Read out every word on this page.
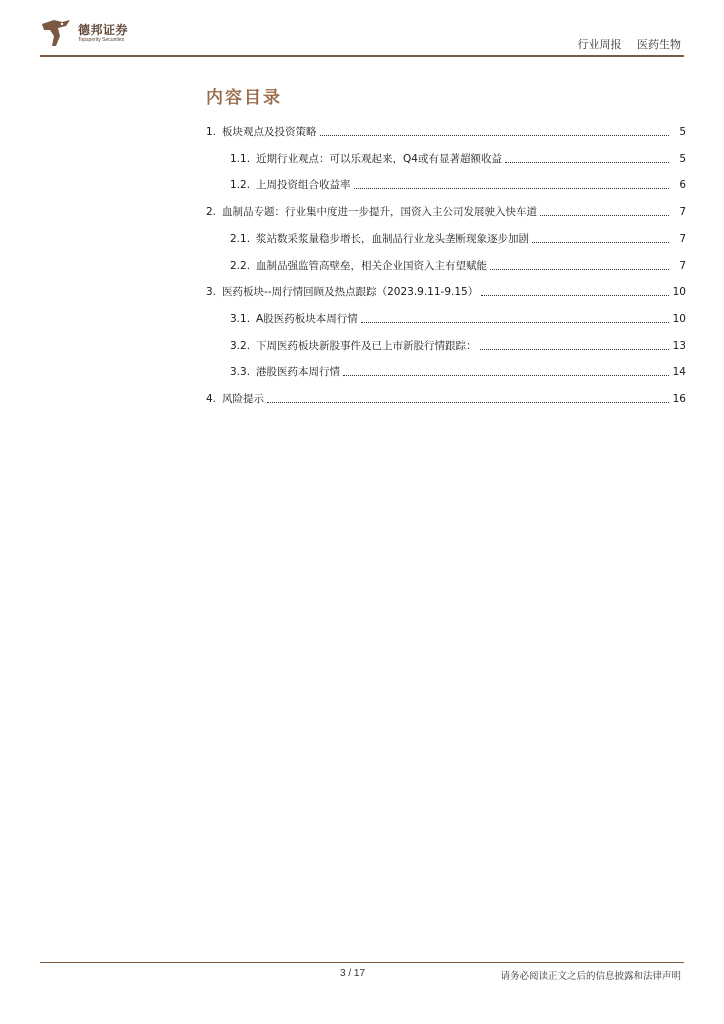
德邦证券
Topsperity Securities	行业周报 医药生物
内容目录
1. 板块观点及投资策略	5
1.1. 近期行业观点：可以乐观起来，Q4或有显著超额收益	5
1.2. 上周投资组合收益率	6
2. 血制品专题：行业集中度进一步提升，国资入主公司发展驶入快车道	7
2.1. 浆站数采浆量稳步增长，血制品行业龙头垄断现象逐步加剧	7
2.2. 血制品强监管高壁垒，相关企业国资入主有望赋能	7
3. 医药板块--周行情回顾及热点跟踪（2023.9.11-9.15）	10
3.1. A股医药板块本周行情	10
3.2. 下周医药板块新股事件及已上市新股行情跟踪：	13
3.3. 港股医药本周行情	14
4. 风险提示	16
3 / 17	请务必阅读正文之后的信息披露和法律声明
